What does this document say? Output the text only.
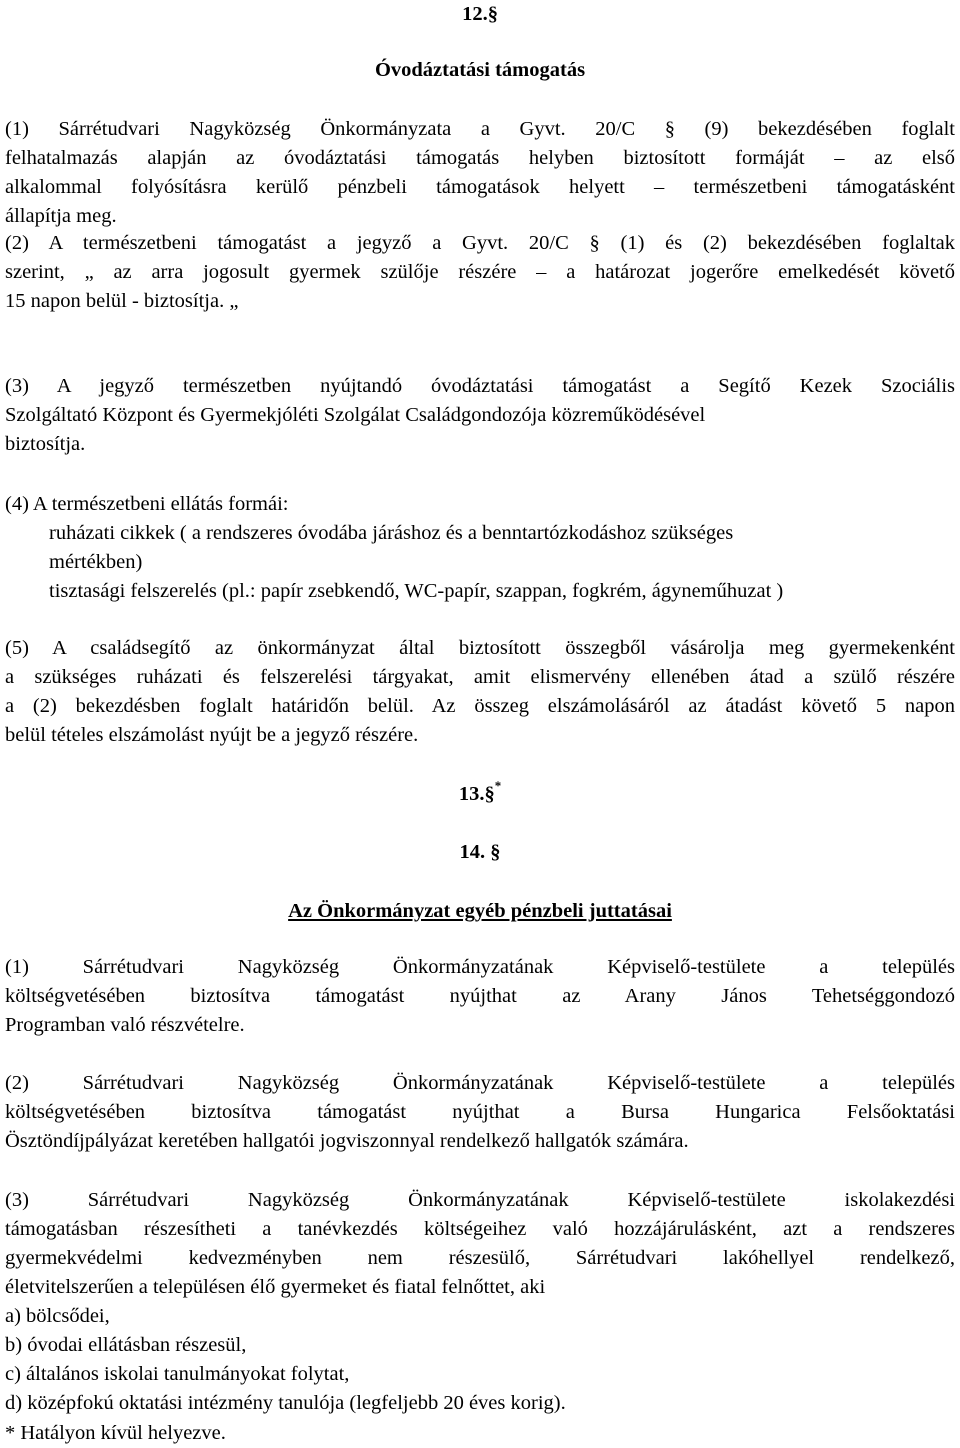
12.§
Óvodáztatási támogatás
(1) Sárrétudvari Nagyközség Önkormányzata a Gyvt. 20/C § (9) bekezdésében foglalt
felhatalmazás alapján az óvodáztatási támogatás helyben biztosított formáját – az első
alkalommal folyósításra kerülő pénzbeli támogatások helyett – természetbeni támogatásként
állapítja meg.
(2) A természetbeni támogatást a jegyző a Gyvt. 20/C § (1) és (2) bekezdésében foglaltak
szerint, „ az arra jogosult gyermek szülője részére – a határozat jogerőre emelkedését követő
15 napon belül - biztosítja. „
(3) A jegyző természetben nyújtandó óvodáztatási támogatást a Segítő Kezek Szociális
Szolgáltató Központ és Gyermekjóléti Szolgálat Családgondozója közreműködésével
biztosítja.
(4) A természetbeni ellátás formái:
ruházati cikkek ( a rendszeres óvodába járáshoz és a benntartózkodáshoz szükséges
mértékben)
tisztasági felszerelés (pl.: papír zsebkendő, WC-papír, szappan, fogkrém, ágyneműhuzat )
(5) A családsegítő az önkormányzat által biztosított összegből vásárolja meg gyermekenként
a szükséges ruházati és felszerelési tárgyakat, amit elismervény ellenében átad a szülő részére
a (2) bekezdésben foglalt határidőn belül. Az összeg elszámolásáról az átadást követő 5 napon
belül tételes elszámolást nyújt be a jegyző részére.
13.§*
14. §
Az Önkormányzat egyéb pénzbeli juttatásai
(1) Sárrétudvari Nagyközség Önkormányzatának Képviselő-testülete a település
költségvetésében biztosítva támogatást nyújthat az Arany János Tehetséggondozó
Programban való részvételre.
(2) Sárrétudvari Nagyközség Önkormányzatának Képviselő-testülete a település
költségvetésében biztosítva támogatást nyújthat a Bursa Hungarica Felsőoktatási
Ösztöndíjpályázat keretében hallgatói jogviszonnyal rendelkező hallgatók számára.
(3) Sárrétudvari Nagyközség Önkormányzatának Képviselő-testülete iskolakezdési
támogatásban részesítheti a tanévkezdés költségeihez való hozzájárulásként, azt a rendszeres
gyermekvédelmi kedvezményben nem részesülő, Sárrétudvari lakóhellyel rendelkező,
életvitelszerűen a településen élő gyermeket és fiatal felnőttet, aki
a) bölcsődei,
b) óvodai ellátásban részesül,
c) általános iskolai tanulmányokat folytat,
d) középfokú oktatási intézmény tanulója (legfeljebb 20 éves korig).
* Hatályon kívül helyezve.
